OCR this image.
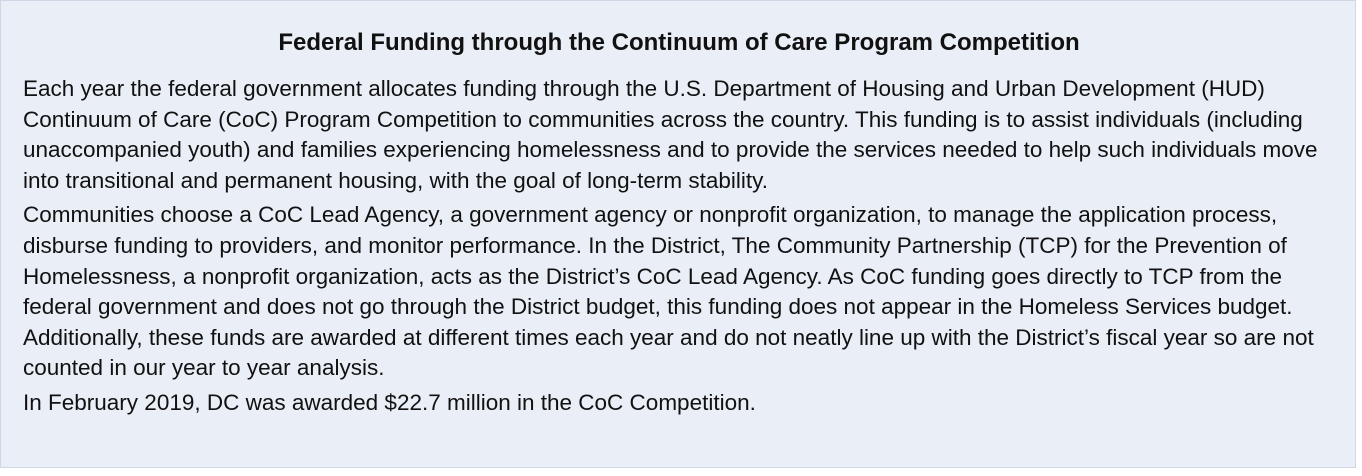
Federal Funding through the Continuum of Care Program Competition

Each year the federal government allocates funding through the U.S. Department of Housing and Urban Development (HUD) Continuum of Care (CoC) Program Competition to communities across the country. This funding is to assist individuals (including unaccompanied youth) and families experiencing homelessness and to provide the services needed to help such individuals move into transitional and permanent housing, with the goal of long-term stability.

Communities choose a CoC Lead Agency, a government agency or nonprofit organization, to manage the application process, disburse funding to providers, and monitor performance. In the District, The Community Partnership (TCP) for the Prevention of Homelessness, a nonprofit organization, acts as the District’s CoC Lead Agency. As CoC funding goes directly to TCP from the federal government and does not go through the District budget, this funding does not appear in the Homeless Services budget. Additionally, these funds are awarded at different times each year and do not neatly line up with the District’s fiscal year so are not counted in our year to year analysis.

In February 2019, DC was awarded $22.7 million in the CoC Competition.
